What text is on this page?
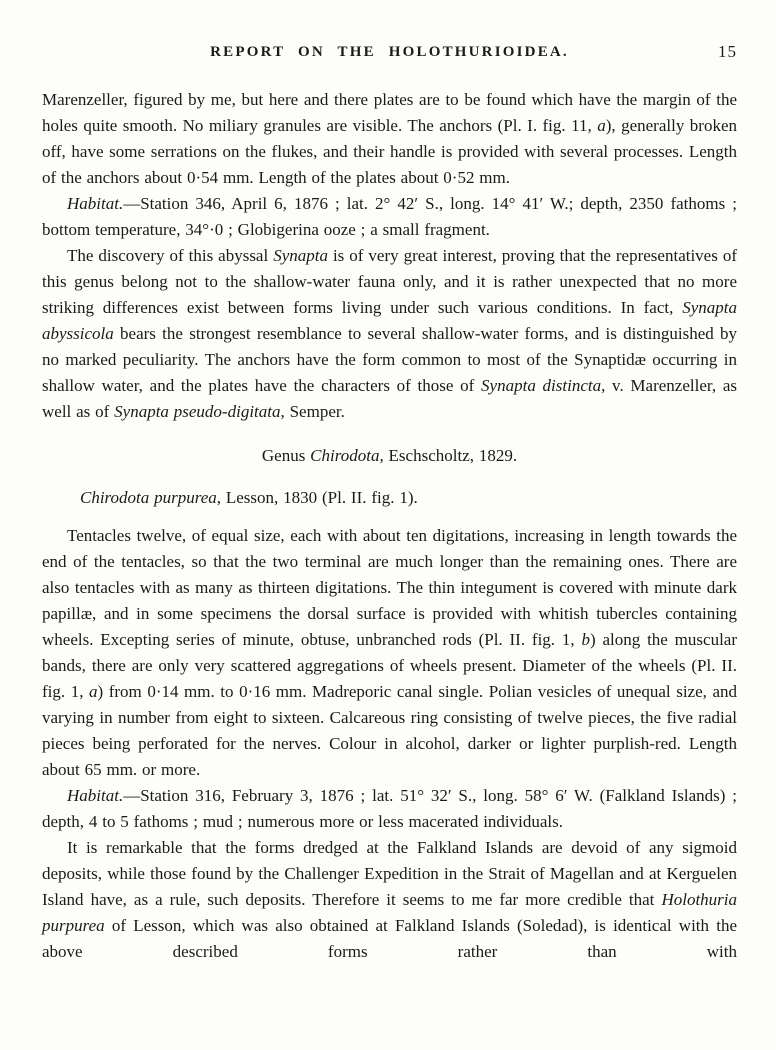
REPORT ON THE HOLOTHURIOIDEA.	15

Marenzeller, figured by me, but here and there plates are to be found which have the margin of the holes quite smooth. No miliary granules are visible. The anchors (Pl. I. fig. 11, a), generally broken off, have some serrations on the flukes, and their handle is provided with several processes. Length of the anchors about 0·54 mm. Length of the plates about 0·52 mm.

Habitat.—Station 346, April 6, 1876 ; lat. 2° 42′ S., long. 14° 41′ W.; depth, 2350 fathoms ; bottom temperature, 34°·0 ; Globigerina ooze ; a small fragment.

The discovery of this abyssal Synapta is of very great interest, proving that the representatives of this genus belong not to the shallow-water fauna only, and it is rather unexpected that no more striking differences exist between forms living under such various conditions. In fact, Synapta abyssicola bears the strongest resemblance to several shallow-water forms, and is distinguished by no marked peculiarity. The anchors have the form common to most of the Synaptidæ occurring in shallow water, and the plates have the characters of those of Synapta distincta, v. Marenzeller, as well as of Synapta pseudo-digitata, Semper.

Genus Chirodota, Eschscholtz, 1829.

Chirodota purpurea, Lesson, 1830 (Pl. II. fig. 1).

Tentacles twelve, of equal size, each with about ten digitations, increasing in length towards the end of the tentacles, so that the two terminal are much longer than the remaining ones. There are also tentacles with as many as thirteen digitations. The thin integument is covered with minute dark papillæ, and in some specimens the dorsal surface is provided with whitish tubercles containing wheels. Excepting series of minute, obtuse, unbranched rods (Pl. II. fig. 1, b) along the muscular bands, there are only very scattered aggregations of wheels present. Diameter of the wheels (Pl. II. fig. 1, a) from 0·14 mm. to 0·16 mm. Madreporic canal single. Polian vesicles of unequal size, and varying in number from eight to sixteen. Calcareous ring consisting of twelve pieces, the five radial pieces being perforated for the nerves. Colour in alcohol, darker or lighter purplish-red. Length about 65 mm. or more.

Habitat.—Station 316, February 3, 1876 ; lat. 51° 32′ S., long. 58° 6′ W. (Falkland Islands) ; depth, 4 to 5 fathoms ; mud ; numerous more or less macerated individuals.

It is remarkable that the forms dredged at the Falkland Islands are devoid of any sigmoid deposits, while those found by the Challenger Expedition in the Strait of Magellan and at Kerguelen Island have, as a rule, such deposits. Therefore it seems to me far more credible that Holothuria purpurea of Lesson, which was also obtained at Falkland Islands (Soledad), is identical with the above described forms rather than with
